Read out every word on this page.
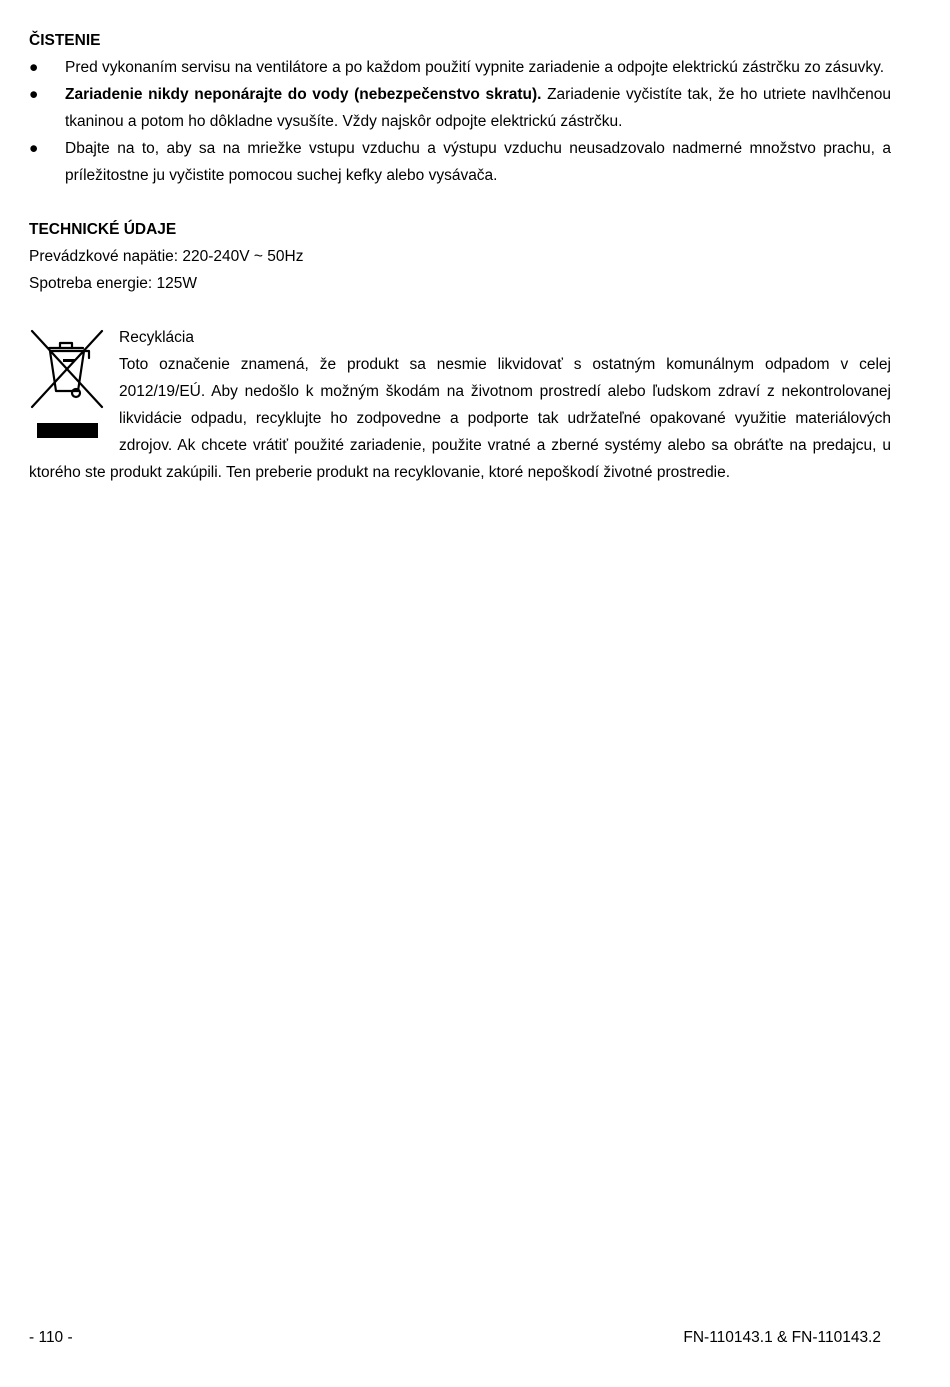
ČISTENIE
● Pred vykonaním servisu na ventilátore a po každom použití vypnite zariadenie a odpojte elektrickú zástrčku zo zásuvky.
● Zariadenie nikdy neponárajte do vody (nebezpečenstvo skratu). Zariadenie vyčistíte tak, že ho utriete navlhčenou tkaninou a potom ho dôkladne vysušíte. Vždy najskôr odpojte elektrickú zástrčku.
● Dbajte na to, aby sa na mriežke vstupu vzduchu a výstupu vzduchu neusadzovalo nadmerné množstvo prachu, a príležitostne ju vyčistite pomocou suchej kefky alebo vysávača.
TECHNICKÉ ÚDAJE

Prevádzkové napätie: 220-240V ~ 50Hz

Spotreba energie: 125W

Recyklácia
Toto označenie znamená, že produkt sa nesmie likvidovať s ostatným komunálnym odpadom v celej 2012/19/EÚ. Aby nedošlo k možným škodám na životnom prostredí alebo ľudskom zdraví z nekontrolovanej likvidácie odpadu, recyklujte ho zodpovedne a podporte tak udržateľné opakované využitie materiálových zdrojov. Ak chcete vrátiť použité zariadenie, použite vratné a zberné systémy alebo sa obráťte na predajcu, u ktorého ste produkt zakúpili. Ten preberie produkt na recyklovanie, ktoré nepoškodí životné prostredie.
- 110 -	FN-110143.1 & FN-110143.2
